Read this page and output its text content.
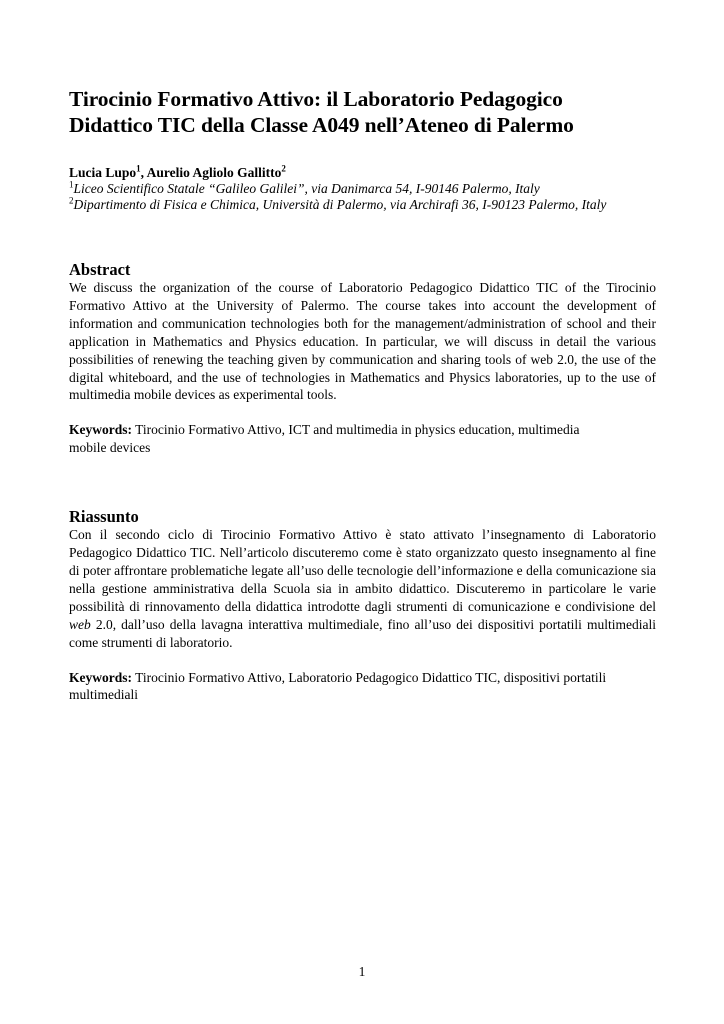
Tirocinio Formativo Attivo: il Laboratorio Pedagogico
Didattico TIC della Classe A049 nell’Ateneo di Palermo
Lucia Lupo$^1$, Aurelio Agliolo Gallitto$^2$
$^1$Liceo Scientifico Statale “Galileo Galilei”, via Danimarca 54, I-90146 Palermo, Italy
$^2$Dipartimento di Fisica e Chimica, Università di Palermo, via Archirafi 36, I-90123 Palermo, Italy
Abstract

We discuss the organization of the course of Laboratorio Pedagogico Didattico TIC of the Tirocinio Formativo Attivo at the University of Palermo. The course takes into account the development of information and communication technologies both for the management/administration of school and their application in Mathematics and Physics education. In particular, we will discuss in detail the various possibilities of renewing the teaching given by communication and sharing tools of web 2.0, the use of the digital whiteboard, and the use of technologies in Mathematics and Physics laboratories, up to the use of multimedia mobile devices as experimental tools.

Keywords: Tirocinio Formativo Attivo, ICT and multimedia in physics education, multimedia
mobile devices
Riassunto

Con il secondo ciclo di Tirocinio Formativo Attivo è stato attivato l’insegnamento di Laboratorio Pedagogico Didattico TIC. Nell’articolo discuteremo come è stato organizzato questo insegnamento al fine di poter affrontare problematiche legate all’uso delle tecnologie dell’informazione e della comunicazione sia nella gestione amministrativa della Scuola sia in ambito didattico. Discuteremo in particolare le varie possibilità di rinnovamento della didattica introdotte dagli strumenti di comunicazione e condivisione del web 2.0, dall’uso della lavagna interattiva multimediale, fino all’uso dei dispositivi portatili multimediali come strumenti di laboratorio.

Keywords: Tirocinio Formativo Attivo, Laboratorio Pedagogico Didattico TIC, dispositivi portatili
multimediali
1
